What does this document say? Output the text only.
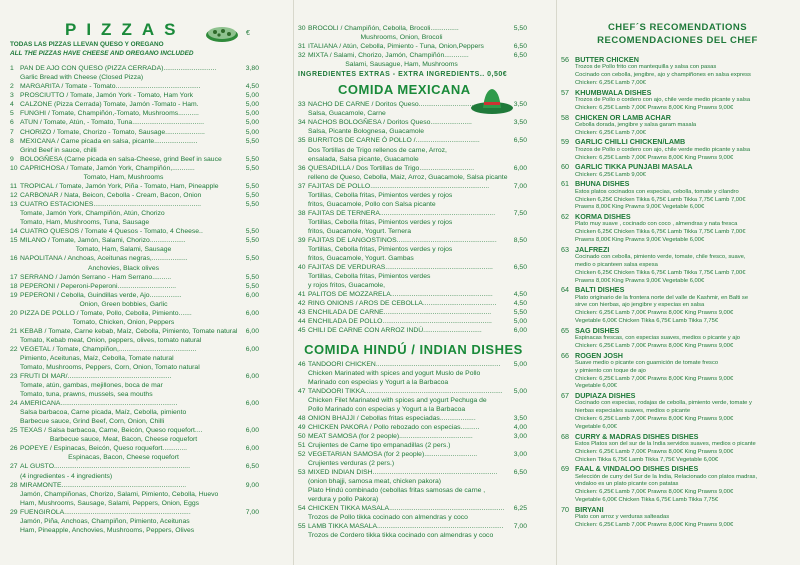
PIZZAS
TODAS LAS PIZZAS LLEVAN QUESO Y OREGANO
ALL THE PIZZAS HAVE CHEESE AND OREGANO INCLUDED
1 PAN DE AJO CON QUESO (PIZZA CERRADA)............................	3,80
Garlic Bread with Cheese (Closed Pizza)
2 MARGARITA / Tomate - Tomato.............................................	4,50
3 PROSCIUTTO / Tomate, Jamón York - Tomato, Ham York	5,00
4 CALZONE (Pizza Cerrada) Tomate, Jamón -Tomato - Ham.	5,00
5 FUNGHI / Tomate, Champiñón,-Tomato, Mushrooms...........	5,00
6 ATUN / Tomate, Atún, - Tomato, Tuna......................................	5,00
7 CHORIZO / Tomate, Chorizo - Tomato, Sausage.....................	5,00
8 MEXICANA / Carne picada en salsa, picante.......................	5,50
Grind Beef in sauce, chilli
9 BOLOGÑESA (Carne picada en salsa-Cheese, grind Beef in sauce	5,50
10 CAPRICHOSA / Tomate, Jamón York, Champiñón,............	5,50
Tomato, Ham, Mushrooms
11 TROPICAL / Tomate, Jamón York, Piña - Tomato, Ham, Pineapple	5,50
12 CARBONAR / Nata, Beicon, Cebolla - Cream, Bacon, Onion	5,50
13 CUATRO ESTACIONES.........................................................	5,50
Tomate, Jamón York, Champiñón, Atún, Chorizo
Tomato, Ham, Mushrooms, Tuna, Sausage
14 CUATRO QUESOS / Tomate 4 Quesos - Tomato, 4 Cheese..	5,50
15 MILANO / Tomate, Jamón, Salami, Chorizo...................	5,50
Tomato, Ham, Salami, Sausage
16 NAPOLITANA / Anchoas, Aceitunas negras,...................	5,50
Anchovies, Black olives
17 SERRANO / Jamón Serrano - Ham Serrano..........	5,50
18 PEPERONI / Peperoni-Peperoni...............................	5,50
19 PEPERONI / Cebolla, Guindillas verde, Ajo.................	6,00
Onion, Green bobbies, Garlic
20 PIZZA DE POLLO / Tomate, Pollo, Cebolla, Pimiento.......	6,00
Tomato, Chicken, Onion, Peppers
21 KEBAB / Tomate, Carne kebab, Maíz, Cebolla, Pimiento, Tomate natural 6,00
Tomato, Kebab meat, Onion, peppers, olives, tomato natural
22 VEGETAL / Tomate, Champiñon,.........................................	6,00
Pimiento, Aceitunas, Maíz, Cebolla, Tomate natural
Tomato, Mushrooms, Peppers, Corn, Onion, Tomato natural
23 FRUTI DI MAR/.......................................................	6,00
Tomate, atún, gambas, mejillones, boca de mar
Tomato, tuna, prawns, mussels, sea mouths
24 AMERICANA..............................................................	6,00
Salsa barbacoa, Carne picada, Maíz, Cebolla, pimiento
Barbecue sauce, Grind Beef, Corn, Onion, Chilli
25 TEXAS / Salsa barbacoa, Carne, Beicón, Queso roquefort....	6,00
Barbecue sauce, Meat, Bacon, Cheese roquefort
26 POPEYE / Espinacas, Beicón, Queso roquefort.............	6,00
Espinacas, Bacon, Cheese roquefort
27 AL GUSTO........................................................................	6,50
(4 ingredientes - 4 ingredients)
28 MIRAMONTE..................................................................	9,00
Jamón, Champiñonas, Chorizo, Salami, Pimiento, Cebolla, Huevo
Ham, Mushrooms, Sausage, Salami, Peppers, Onion, Eggs
29 FUENGIROLA...................................................................	7,00
Jamón, Piña, Anchoas, Champiñon, Pimiento, Aceitunas
Ham, Pineapple, Anchovies, Mushrooms, Peppers, Olives
€
30 BROCOLI / Champiñón, Cebolla, Brocoli...............	5,50
Mushrooms, Onion, Brocoli
31 ITALIANA / Atún, Cebolla, Pimiento - Tuna, Onion,Peppers	6,50
32 MIXTA / Salami, Chorizo, Jamón, Champiñón.............	6,50
Salami, Sausague, Ham, Mushrooms
INGREDIENTES EXTRAS - EXTRA INGREDIENTS.. 0,50€
COMIDA MEXICANA
33 NACHO DE CARNE / Doritos Queso.............................	3,50
Salsa, Guacamole, Carne
34 NACHOS BOLOGÑESA / Doritos Queso......................	3,50
Salsa, Picante Bolognesa, Guacamole
35 BURRITOS DE CARNE Ó POLLO /..................................	6,50
Dos Tortillas de Trigo rellenos de carne, Arroz,
ensalada, Salsa picante, Guacamole
36 QUESADILLA / Dos Tortillas de Trigo.............................	6,00
relleno de Queso, Cebolla, Maiz, Arroz, Guacamole, Salsa picante
37 FAJITAS DE POLLO...............................................................	7,00
Tortillas, Cebolla fritas, Pimientos verdes y rojos
fritos, Guacamole, Pollo con Salsa picante
38 FAJITAS DE TERNERA.............................................................	7,50
Tortillas, Cebolla fritas, Pimientos verdes y rojos
fritos, Guacamole, Yogurt. Ternera
39 FAJITAS DE LANGOSTINOS.....................................................	8,50
Tortillas, Cebolla fritas, Pimientos verdes y rojos
fritos, Guacamole, Yogurt. Gambas
40 FAJITAS DE VERDURAS.........................................................	6,50
Tortillas, Cebolla fritas, Pimientos verdes
y rojos fritos, Guacamole,
41 PALITOS DE MOZZARELA......................................................	4,50
42 RING ONIONS / AROS DE CEBOLLA.......................................	4,50
43 ENCHILADA DE CARNE.........................................................	5,50
44 ENCHILADA DE POLLO..........................................................	5,00
45 CHILI DE CARNE CON ARROZ INDÚ...............................	6,00
COMIDA HINDÚ / INDIAN DISHES
46 TANDOORI CHICKEN.................................................................. 5,00
Chicken Marinated with spices and yogurt Muslo de Pollo
Marinado con especias y Yogurt a la Barbacoa
47 TANDOORI TIKKA......................................................................... 5,00
Chicken Filet Marinated with spices and yogurt Pechuga de
Pollo Marinado con especias y Yogurt a la Barbacoa
48 ONION BHAJJI / Cebollas fritas especiadas...................	3,50
49 CHICKEN PAKORA / Pollo rebozado con especias..........	4,00
50 MEAT SAMOSA (for 2 people).......................................	3,00
51 Crujientes de Carne tipo empanadillas (2 pers.)
52 VEGETARIAN SAMOSA (for 2 people)............................	3,00
Crujientes verduras (2 pers.)
53 MIXED INDIAN DISH.................................................................. 6,50
(onion bhajji, samosa meat, chicken pakora)
Plato Hindú combinado (cebollas fritas samosas de carne ,
verdura y pollo Pakora)
54 CHICKEN TIKKA MASALA............................................................. 6,25
Trozos de Pollo tikka cocinado con almendras y coco
55 LAMB TIKKA MASALA................................................................... 7,00
Trozos de Cordero tikka tikka cocinado con almendras y coco
CHEF´S RECOMENDATIONS
RECOMENDACIONES DEL CHEF
56 BUTTER CHICKEN
Trozos de Pollo frito con mantequilla y salsa con pasas
Cocinado con cebolla, jengibre, ajo y champiñones en salsa express
Chicken: 6,25€ Lamb 7,00€
57 KHUMBWALA DISHES
Trozos de Pollo o cordero con ajo, chile verde medio picante y salsa
Chicken: 6,25€ Lamb 7,00€ Prawns 8,00€ King Prawns 9,00€
58 CHICKEN OR LAMB ACHAR
Cebolla dorada, jengibre y salsa garam masala
Chicken: 6,25€ Lamb 7,00€
59 GARLIC CHILLI CHICKEN/LAMB
Trozos de Pollo o cordero con ajo, chile verde medio picante y salsa
Chicken: 6,25€ Lamb 7,00€ Prawns 8,00€ King Prawns 9,00€
60 GARLIC TIKKA PUNJABI MASALA
Chicken: 6,25€ Lamb 9,00€
61 BHUNA DISHES
Estos platos cocinados con especias, cebolla, tomate y cilandro
Chicken 6,25€ Chicken Tikka 6,75€ Lamb Tikka 7,75€ Lamb 7,00€
Prawns 8,00€ King Prawns 9,00€ Vegetable 6,00€
62 KORMA DISHES
Plato muy suave , cocinado con coco , almendras y nata fresca
Chicken 6,25€ Chicken Tikka 6,75€ Lamb Tikka 7,75€ Lamb 7,00€
Prawns 8,00€ King Prawns 9,00€ Vegetable 6,00€
63 JALFREZI
Cocinado con cebolla, pimiento verde, tomate, chile fresco, suave,
medio o picanteen salsa espesa
Chicken 6,25€ Chicken Tikka 6,75€ Lamb Tikka 7,75€ Lamb 7,00€
Prawns 8,00€ King Prawns 9,00€ Vegetable 6,00€
64 BALTI DISHES
Plato originario de la frontera norte del valle de Kashmir, en Balti se
sirve con hierbas, ajo jengibre y especias en salsa
Chicken: 6,25€ Lamb 7,00€ Prawns 8,00€ King Prawns 9,00€
Vegetable 6,00€ Chicken Tikka 6,75€ Lamb Tikka 7,75€
65 SAG DISHES
Espinacas frescas, con especias suaves, medios o picante y ajo
Chicken: 6,25€ Lamb 7,00€ Prawns 8,00€ King Prawns 9,00€
66 ROGEN JOSH
Suave medio o picante con guarnición de tomate fresco
y pimiento con toque de ajo
Chicken: 6,25€ Lamb 7,00€ Prawns 8,00€ King Prawns 9,00€
Vegetable 6,00€
67 DUPIAZA DISHES
Cocinado con especias, rodajas de cebolla, pimiento verde, tomate y
hierbas especiales suaves, medios o picante
Chicken: 6,25€ Lamb 7,00€ Prawns 8,00€ King Prawns 9,00€
Vegetable 6,00€
68 CURRY & MADRAS DISHES DISHES
Estos Platos son del sur de la India servidos suaves, medios o picante
Chicken: 6,25€ Lamb 7,00€ Prawns 8,00€ King Prawns 9,00€
Chicken Tikka 6,75€ Lamb Tikka 7,75€ Vegetable 6,00€
69 FAAL & VINDALOO DISHES DISHES
Selección de curry del Sur de la India, Relacionado con platos madras,
vindaloo es un plato picante con patatas
Chicken: 6,25€ Lamb 7,00€ Prawns 8,00€ King Prawns 9,00€
Vegetable 6,00€ Chicken Tikka 6,75€ Lamb Tikka 7,75€
70 BIRYANI
Plato con arroz y verduras salteadas
Chicken: 6,25€ Lamb 7,00€ Prawns 8,00€ King Prawns 9,00€
